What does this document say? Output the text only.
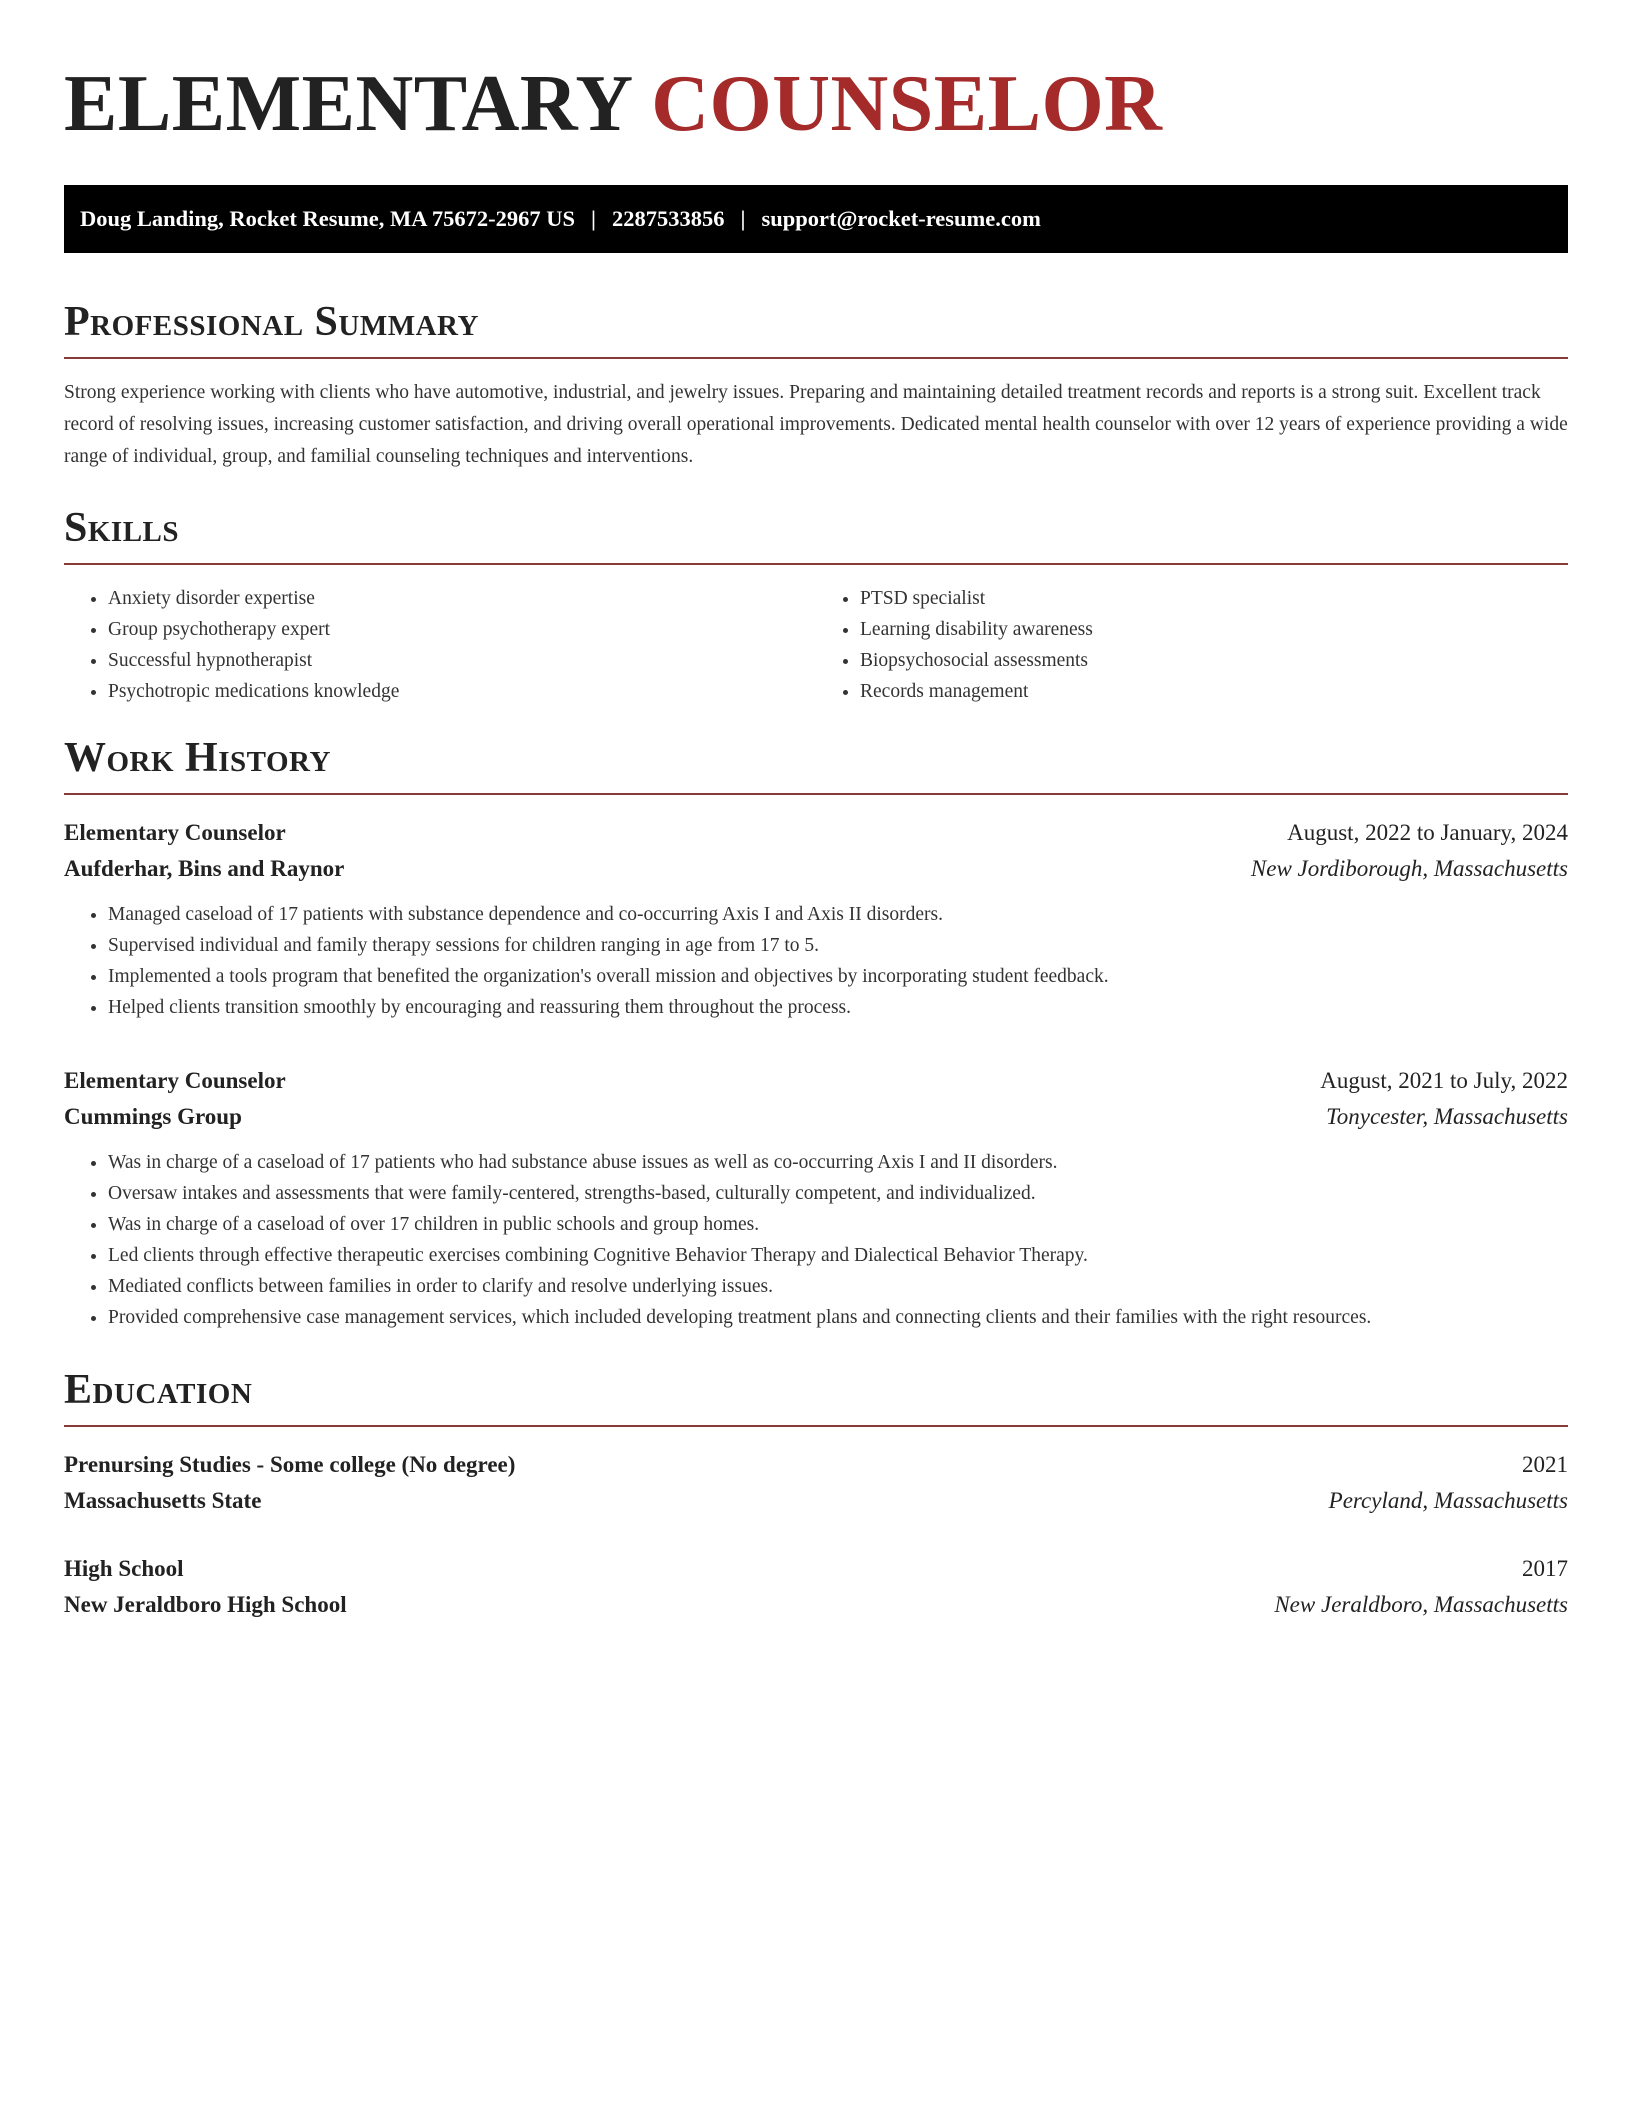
ELEMENTARY COUNSELOR
Doug Landing, Rocket Resume, MA 75672-2967 US | 2287533856 | support@rocket-resume.com
Professional Summary

Strong experience working with clients who have automotive, industrial, and jewelry issues. Preparing and maintaining detailed treatment records and reports is a strong suit. Excellent track record of resolving issues, increasing customer satisfaction, and driving overall operational improvements. Dedicated mental health counselor with over 12 years of experience providing a wide range of individual, group, and familial counseling techniques and interventions.

Skills
• Anxiety disorder expertise
• Group psychotherapy expert
• Successful hypnotherapist
• Psychotropic medications knowledge
• PTSD specialist
• Learning disability awareness
• Biopsychosocial assessments
• Records management
Work History
Elementary Counselor	August, 2022 to January, 2024
Aufderhar, Bins and Raynor	New Jordiborough, Massachusetts
• Managed caseload of 17 patients with substance dependence and co-occurring Axis I and Axis II disorders.
• Supervised individual and family therapy sessions for children ranging in age from 17 to 5.
• Implemented a tools program that benefited the organization's overall mission and objectives by incorporating student feedback.
• Helped clients transition smoothly by encouraging and reassuring them throughout the process.
Elementary Counselor	August, 2021 to July, 2022
Cummings Group	Tonycester, Massachusetts
• Was in charge of a caseload of 17 patients who had substance abuse issues as well as co-occurring Axis I and II disorders.
• Oversaw intakes and assessments that were family-centered, strengths-based, culturally competent, and individualized.
• Was in charge of a caseload of over 17 children in public schools and group homes.
• Led clients through effective therapeutic exercises combining Cognitive Behavior Therapy and Dialectical Behavior Therapy.
• Mediated conflicts between families in order to clarify and resolve underlying issues.
• Provided comprehensive case management services, which included developing treatment plans and connecting clients and their families with the right resources.
Education
Prenursing Studies - Some college (No degree)	2021
Massachusetts State	Percyland, Massachusetts
High School	2017
New Jeraldboro High School	New Jeraldboro, Massachusetts
